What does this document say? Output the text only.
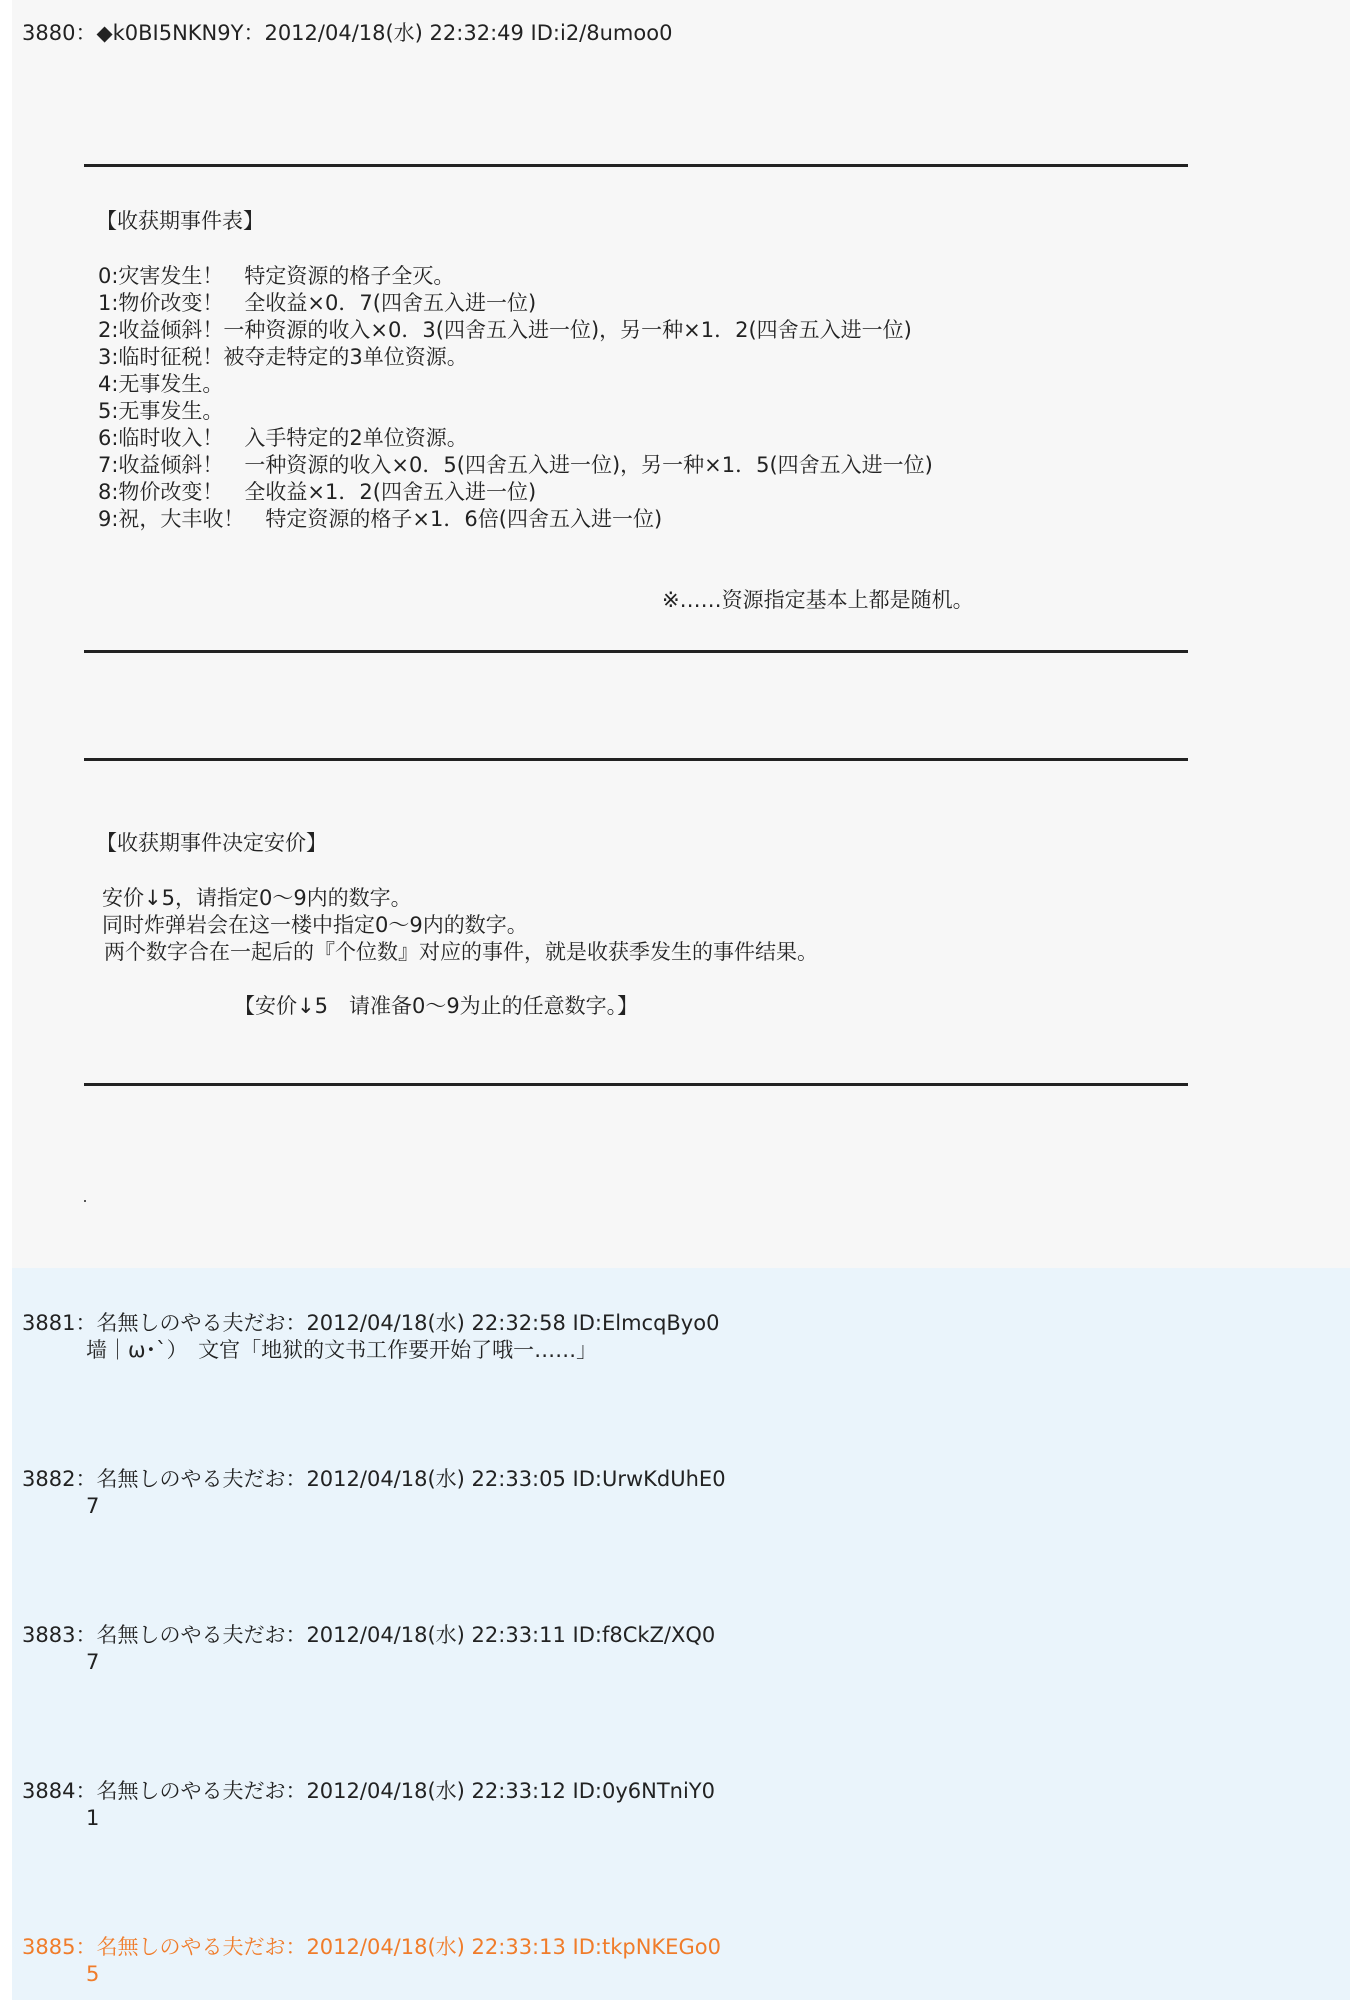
3880：◆k0BI5NKN9Y：2012/04/18(水) 22:32:49 ID:i2/8umoo0
【收获期事件表】
0:灾害发生！　特定资源的格子全灭。
1:物价改变！　全收益×0．7(四舍五入进一位)
2:收益倾斜！一种资源的收入×0．3(四舍五入进一位)，另一种×1．2(四舍五入进一位)
3:临时征税！被夺走特定的3单位资源。
4:无事发生。
5:无事发生。
6:临时收入！　入手特定的2单位资源。
7:收益倾斜！　一种资源的收入×0．5(四舍五入进一位)，另一种×1．5(四舍五入进一位)
8:物价改变！　全收益×1．2(四舍五入进一位)
9:祝，大丰收！　特定资源的格子×1．6倍(四舍五入进一位)
※……资源指定基本上都是随机。
【收获期事件决定安价】
安价↓5，请指定0～9内的数字。
同时炸弹岩会在这一楼中指定0～9内的数字。
两个数字合在一起后的『个位数』对应的事件，就是收获季发生的事件结果。
【安价↓5　请准备0～9为止的任意数字。】
3881：名無しのやる夫だお：2012/04/18(水) 22:32:58 ID:ElmcqByo0
墙｜ω･`）　文官「地狱的文书工作要开始了哦一……」
3882：名無しのやる夫だお：2012/04/18(水) 22:33:05 ID:UrwKdUhE0
7
3883：名無しのやる夫だお：2012/04/18(水) 22:33:11 ID:f8CkZ/XQ0
7
3884：名無しのやる夫だお：2012/04/18(水) 22:33:12 ID:0y6NTniY0
1
3885：名無しのやる夫だお：2012/04/18(水) 22:33:13 ID:tkpNKEGo0
5
